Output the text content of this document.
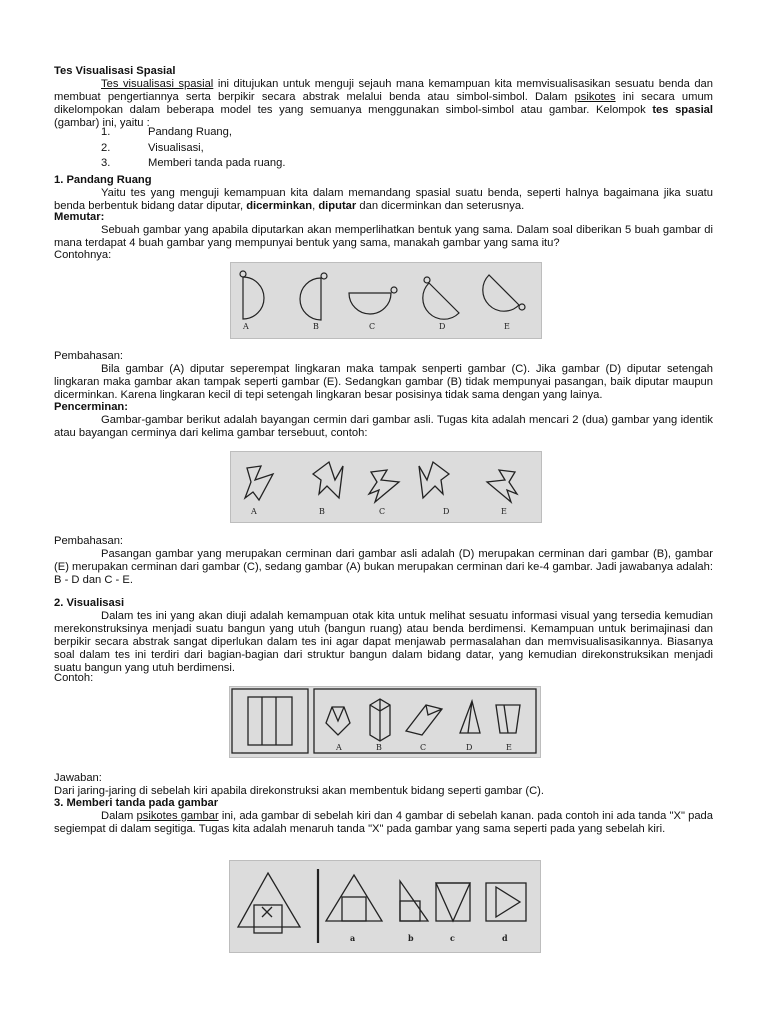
Tes Visualisasi Spasial
Tes visualisasi spasial ini ditujukan untuk menguji sejauh mana kemampuan kita memvisualisasikan sesuatu benda dan membuat pengertiannya serta berpikir secara abstrak melalui benda atau simbol-simbol. Dalam psikotes ini secara umum dikelompokan dalam beberapa model tes yang semuanya menggunakan simbol-simbol atau gambar. Kelompok tes spasial (gambar) ini, yaitu :
1.	Pandang Ruang,
2.	Visualisasi,
3.	Memberi tanda pada ruang.
1. Pandang Ruang
Yaitu tes yang menguji kemampuan kita dalam memandang spasial suatu benda, seperti halnya bagaimana jika suatu benda berbentuk bidang datar diputar, dicerminkan, diputar dan dicerminkan dan seterusnya.
Memutar:
Sebuah gambar yang apabila diputarkan akan memperlihatkan bentuk yang sama. Dalam soal diberikan 5 buah gambar di mana terdapat 4 buah gambar yang mempunyai bentuk yang sama, manakah gambar yang sama itu?
Contohnya:
A	B	C	D	E
Pembahasan:
Bila gambar (A) diputar seperempat lingkaran maka tampak senperti gambar (C). Jika gambar (D) diputar setengah lingkaran maka gambar akan tampak seperti gambar (E). Sedangkan gambar (B) tidak mempunyai pasangan, baik diputar maupun dicerminkan. Karena lingkaran kecil di tepi setengah lingkaran besar posisinya tidak sama dengan yang lainya.
Pencerminan:
Gambar-gambar berikut adalah bayangan cermin dari gambar asli. Tugas kita adalah mencari 2 (dua) gambar yang identik atau bayangan cerminya dari kelima gambar tersebuut, contoh:
A	B	C	D	E
Pembahasan:
Pasangan gambar yang merupakan cerminan dari gambar asli adalah (D) merupakan cerminan dari gambar (B), gambar (E) merupakan cerminan dari gambar (C), sedang gambar (A) bukan merupakan cerminan dari ke-4 gambar. Jadi jawabanya adalah: B - D dan C - E.
2. Visualisasi
Dalam tes ini yang akan diuji adalah kemampuan otak kita untuk melihat sesuatu informasi visual yang tersedia kemudian merekonstruksinya menjadi suatu bangun yang utuh (bangun ruang) atau benda berdimensi. Kemampuan untuk berimajinasi dan berpikir secara abstrak sangat diperlukan dalam tes ini agar dapat menjawab permasalahan dan memvisualisasikannya. Biasanya soal dalam tes ini terdiri dari bagian-bagian dari struktur bangun dalam bidang datar, yang kemudian direkonstruksikan menjadi suatu bangun yang utuh berdimensi.
Contoh:
A	B	C	D	E
Jawaban:
Dari jaring-jaring di sebelah kiri apabila direkonstruksi akan membentuk bidang seperti gambar (C).
3. Memberi tanda pada gambar
Dalam psikotes gambar ini, ada gambar di sebelah kiri dan 4 gambar di sebelah kanan. pada contoh ini ada tanda "X" pada segiempat di dalam segitiga. Tugas kita adalah menaruh tanda "X" pada gambar yang sama seperti pada yang sebelah kiri.
a	b	c	d
